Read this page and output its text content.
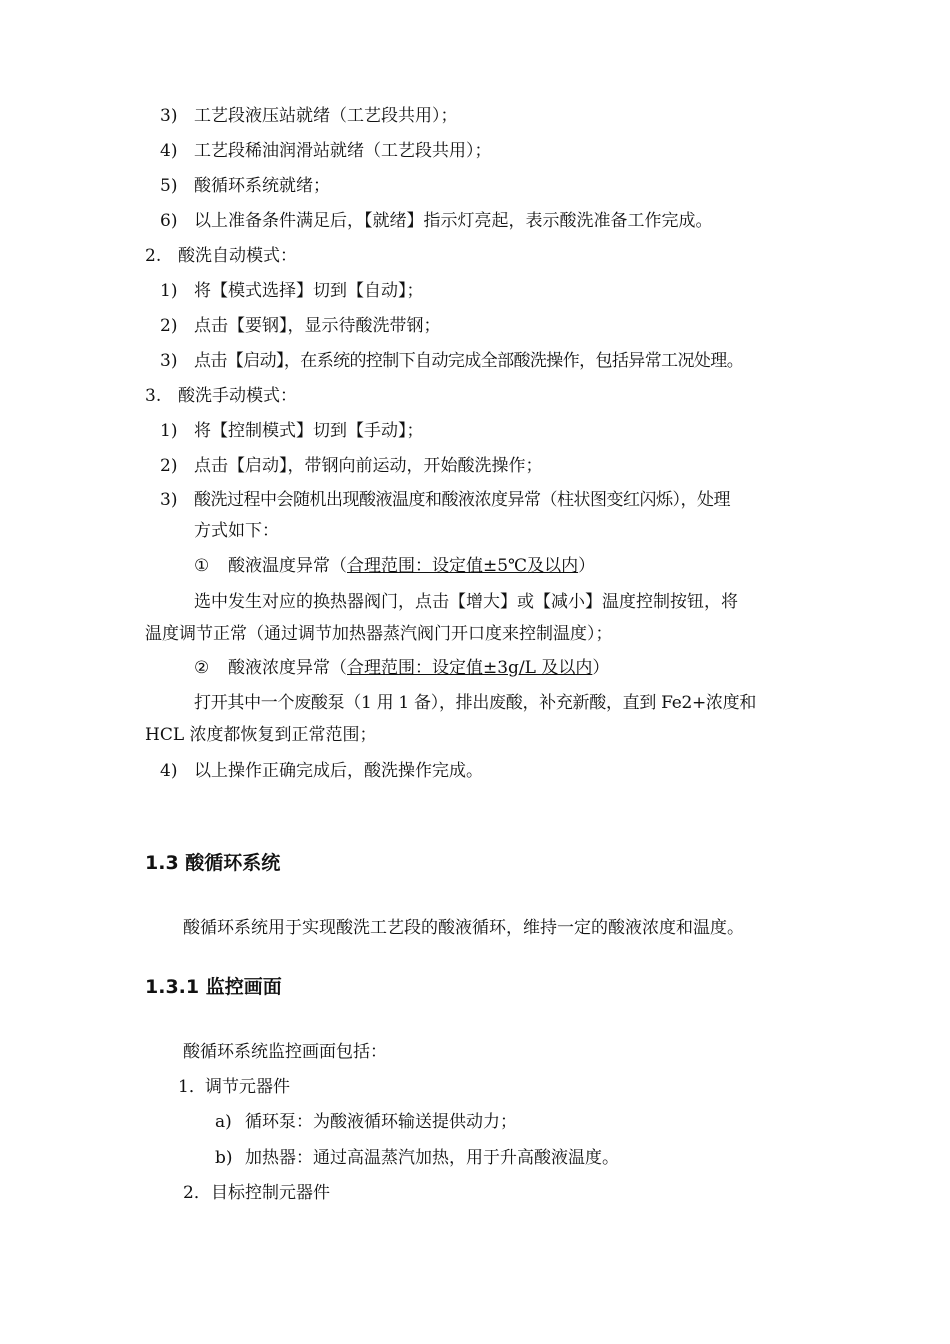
3) 工艺段液压站就绪（工艺段共用）；
4) 工艺段稀油润滑站就绪（工艺段共用）；
5) 酸循环系统就绪；
6) 以上准备条件满足后，【就绪】指示灯亮起，表示酸洗准备工作完成。
2. 酸洗自动模式：
1) 将【模式选择】切到【自动】；
2) 点击【要钢】，显示待酸洗带钢；
3) 点击【启动】，在系统的控制下自动完成全部酸洗操作，包括异常工况处理。
3. 酸洗手动模式：
1) 将【控制模式】切到【手动】；
2) 点击【启动】，带钢向前运动，开始酸洗操作；
3) 酸洗过程中会随机出现酸液温度和酸液浓度异常（柱状图变红闪烁），处理
方式如下：
① 酸液温度异常（合理范围：设定值±5℃及以内）
选中发生对应的换热器阀门，点击【增大】或【减小】温度控制按钮，将
温度调节正常（通过调节加热器蒸汽阀门开口度来控制温度）；
② 酸液浓度异常（合理范围：设定值±3g/L 及以内）
打开其中一个废酸泵（1 用 1 备），排出废酸，补充新酸，直到 Fe2+浓度和
HCL 浓度都恢复到正常范围；
4) 以上操作正确完成后，酸洗操作完成。
1.3 酸循环系统
酸循环系统用于实现酸洗工艺段的酸液循环，维持一定的酸液浓度和温度。
1.3.1 监控画面
酸循环系统监控画面包括：
1． 调节元器件
a) 循环泵：为酸液循环输送提供动力；
b) 加热器：通过高温蒸汽加热，用于升高酸液温度。
2． 目标控制元器件
